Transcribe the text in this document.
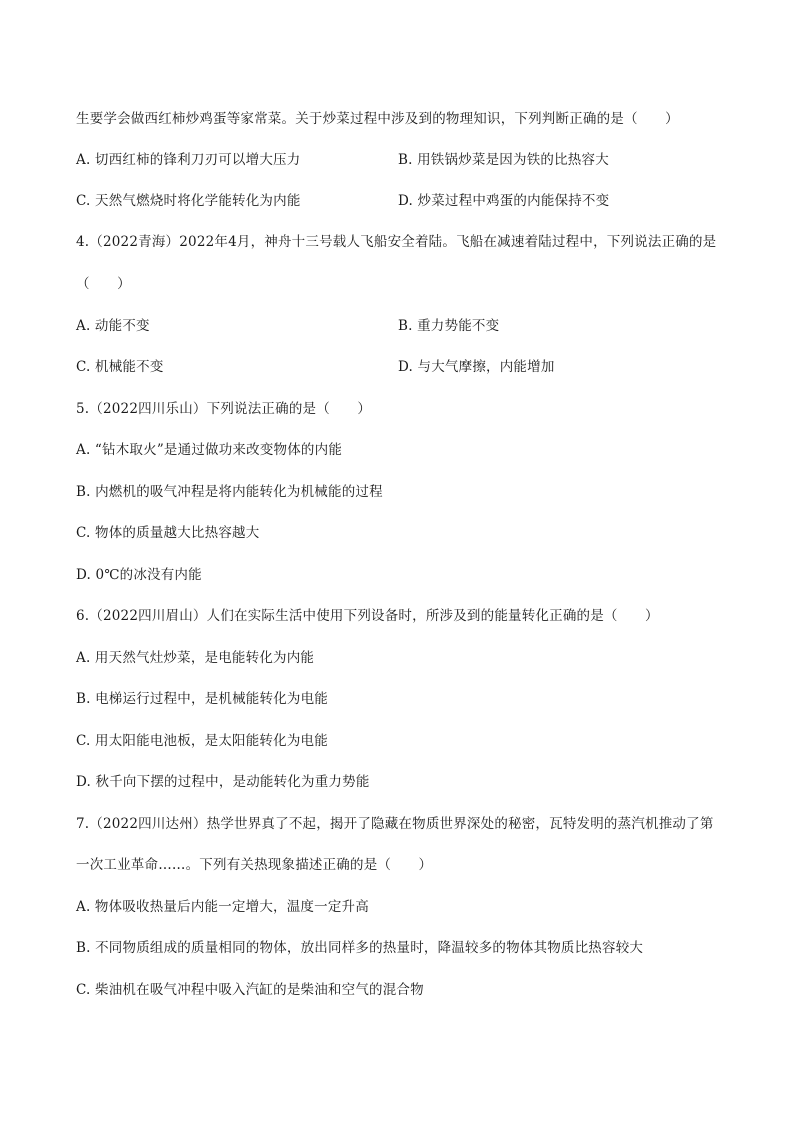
生要学会做西红柿炒鸡蛋等家常菜。关于炒菜过程中涉及到的物理知识，下列判断正确的是（　　）
A. 切西红柿的锋利刀刃可以增大压力	B. 用铁锅炒菜是因为铁的比热容大
C. 天然气燃烧时将化学能转化为内能	D. 炒菜过程中鸡蛋的内能保持不变
4.（2022青海）2022年4月，神舟十三号载人飞船安全着陆。飞船在减速着陆过程中，下列说法正确的是
（　　）
A. 动能不变	B. 重力势能不变
C. 机械能不变	D. 与大气摩擦，内能增加
5.（2022四川乐山）下列说法正确的是（　　）
A. “钻木取火”是通过做功来改变物体的内能
B. 内燃机的吸气冲程是将内能转化为机械能的过程
C. 物体的质量越大比热容越大
D. 0℃的冰没有内能
6.（2022四川眉山）人们在实际生活中使用下列设备时，所涉及到的能量转化正确的是（　　）
A. 用天然气灶炒菜，是电能转化为内能
B. 电梯运行过程中，是机械能转化为电能
C. 用太阳能电池板，是太阳能转化为电能
D. 秋千向下摆的过程中，是动能转化为重力势能
7.（2022四川达州）热学世界真了不起，揭开了隐藏在物质世界深处的秘密，瓦特发明的蒸汽机推动了第
一次工业革命……。下列有关热现象描述正确的是（　　）
A. 物体吸收热量后内能一定增大，温度一定升高
B. 不同物质组成的质量相同的物体，放出同样多的热量时，降温较多的物体其物质比热容较大
C. 柴油机在吸气冲程中吸入汽缸的是柴油和空气的混合物
